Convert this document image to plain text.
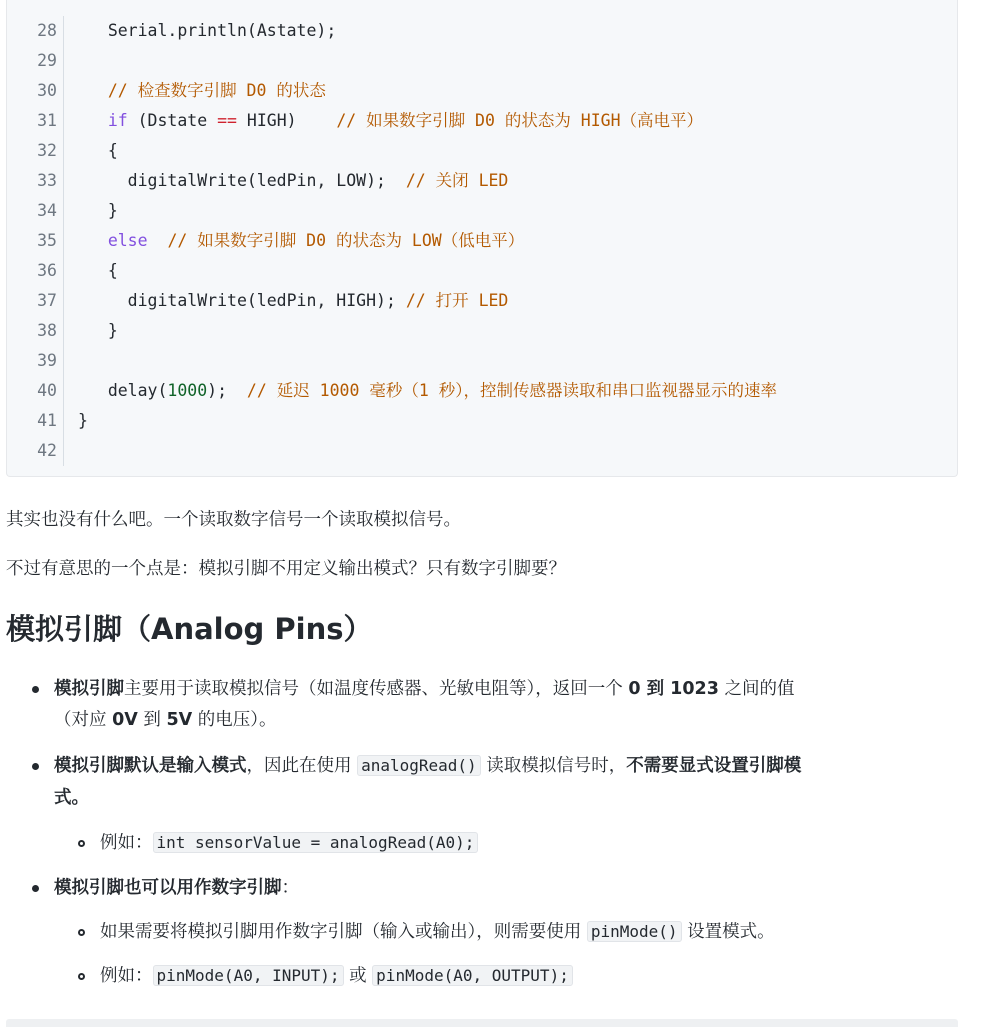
28	Serial.println(Astate);
29
30	// 检查数字引脚 D0 的状态
31	if (Dstate == HIGH)    // 如果数字引脚 D0 的状态为 HIGH（高电平）
32	{
33	digitalWrite(ledPin, LOW);  // 关闭 LED
34	}
35	else // 如果数字引脚 D0 的状态为 LOW（低电平）
36	{
37	digitalWrite(ledPin, HIGH); // 打开 LED
38	}
39
40	delay(1000);  // 延迟 1000 毫秒（1 秒），控制传感器读取和串口监视器显示的速率
41	}
42

其实也没有什么吧。一个读取数字信号一个读取模拟信号。

不过有意思的一个点是：模拟引脚不用定义输出模式？只有数字引脚要？

模拟引脚（Analog Pins）
模拟引脚主要用于读取模拟信号（如温度传感器、光敏电阻等），返回一个 0 到 1023 之间的值
（对应 0V 到 5V 的电压）。
模拟引脚默认是输入模式，因此在使用 analogRead() 读取模拟信号时，不需要显式设置引脚模
式。
例如： int sensorValue = analogRead(A0);
模拟引脚也可以用作数字引脚：
如果需要将模拟引脚用作数字引脚（输入或输出），则需要使用 pinMode() 设置模式。
例如： pinMode(A0, INPUT); 或 pinMode(A0, OUTPUT);
